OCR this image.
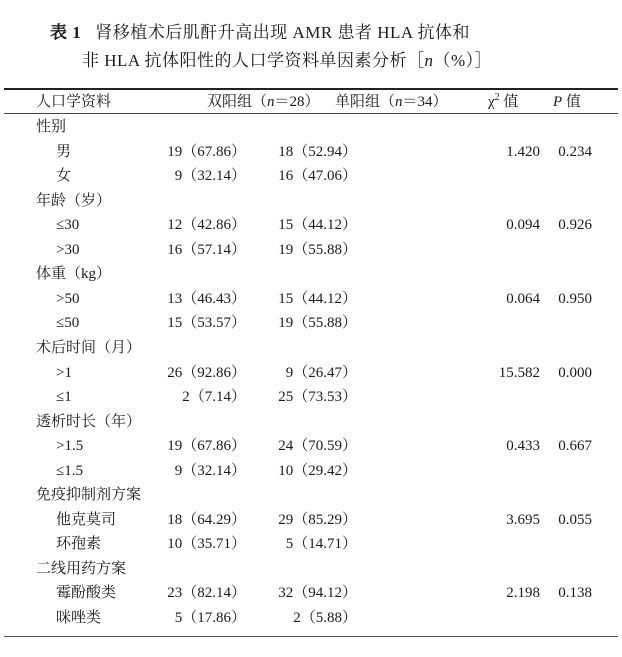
表 1 肾移植术后肌酐升高出现 AMR 患者 HLA 抗体和
非 HLA 抗体阳性的人口学资料单因素分析［n（%）］
人口学资料	双阳组（n＝28） 单阳组（n＝34）	$\chi^2$ 值 P 值
性别
男	19（67.86） 18（52.94）	1.420 0.234
女	9（32.14） 16（47.06）
年龄（岁）
≤30	12（42.86） 15（44.12）	0.094 0.926
>30	16（57.14） 19（55.88）
体重（kg）
>50	13（46.43） 15（44.12）	0.064 0.950
≤50	15（53.57） 19（55.88）
术后时间（月）
>1	26（92.86）	9（26.47）	15.582 0.000
≤1	2（7.14） 25（73.53）
透析时长（年）
>1.5	19（67.86） 24（70.59）	0.433 0.667
≤1.5	9（32.14） 10（29.42）
免疫抑制剂方案
他克莫司	18（64.29） 29（85.29）	3.695 0.055
环孢素	10（35.71）	5（14.71）
二线用药方案
霉酚酸类	23（82.14） 32（94.12）	2.198 0.138
咪唑类	5（17.86）	2（5.88）
